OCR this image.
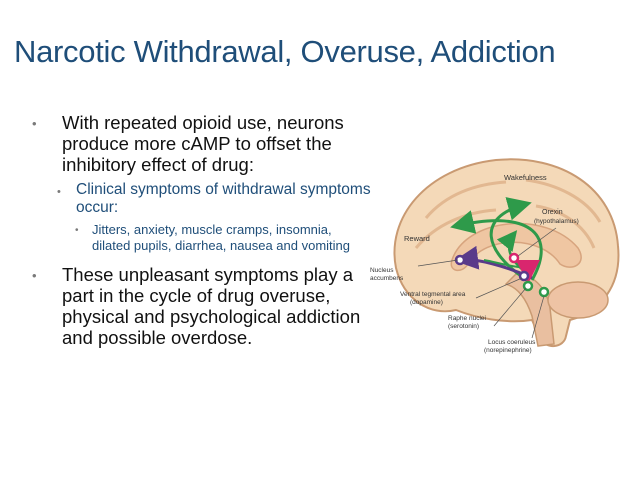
Narcotic Withdrawal, Overuse, Addiction
• With repeated opioid use, neurons produce more cAMP to offset the inhibitory effect of drug:
• Clinical symptoms of withdrawal symptoms occur:
• Jitters, anxiety, muscle cramps, insomnia, dilated pupils, diarrhea, nausea and vomiting
• These unpleasant symptoms play a part in the cycle of drug overuse, physical and psychological addiction and possible overdose.
Wakefulness
Reward
Orexin
(hypothalamus)
Nucleus
accumbens
Ventral tegmental area
(dopamine)
Raphe nuclei
(serotonin)
Locus coeruleus
(norepinephrine)
